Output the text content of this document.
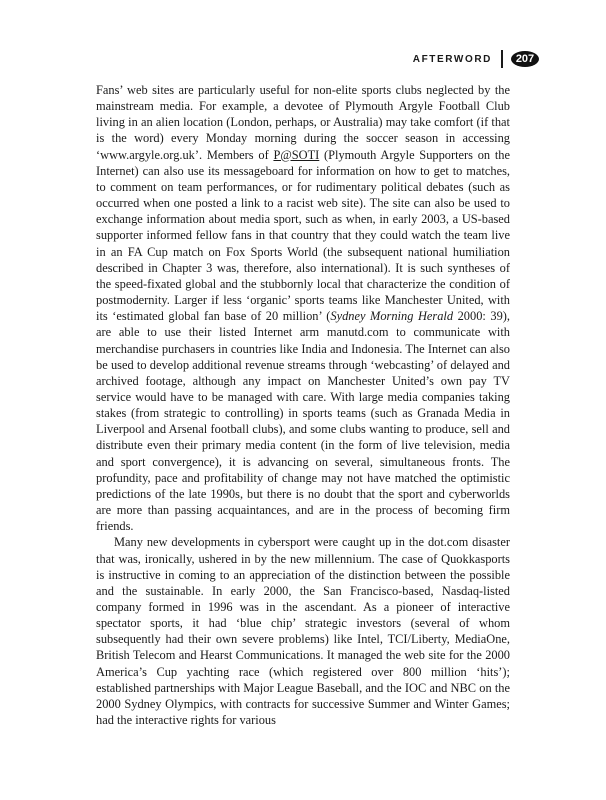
AFTERWORD	207

Fans’ web sites are particularly useful for non-elite sports clubs neglected by the mainstream media. For example, a devotee of Plymouth Argyle Football Club living in an alien location (London, perhaps, or Australia) may take comfort (if that is the word) every Monday morning during the soccer season in accessing ‘www.argyle.org.uk’. Members of P@SOTI (Plymouth Argyle Supporters on the Internet) can also use its messageboard for information on how to get to matches, to comment on team performances, or for rudimentary political debates (such as occurred when one posted a link to a racist web site). The site can also be used to exchange information about media sport, such as when, in early 2003, a US-based supporter informed fellow fans in that country that they could watch the team live in an FA Cup match on Fox Sports World (the subsequent national humiliation described in Chapter 3 was, therefore, also international). It is such syntheses of the speed-fixated global and the stubbornly local that characterize the condition of postmodernity. Larger if less ‘organic’ sports teams like Manchester United, with its ‘estimated global fan base of 20 million’ (Sydney Morning Herald 2000: 39), are able to use their listed Internet arm manutd.com to communicate with merchandise purchasers in countries like India and Indonesia. The Internet can also be used to develop additional revenue streams through ‘webcasting’ of delayed and archived footage, although any impact on Manchester United’s own pay TV service would have to be managed with care. With large media companies taking stakes (from strategic to controlling) in sports teams (such as Granada Media in Liverpool and Arsenal football clubs), and some clubs wanting to produce, sell and distribute even their primary media content (in the form of live television, media and sport convergence), it is advancing on several, simultaneous fronts. The profundity, pace and profitability of change may not have matched the optimistic predictions of the late 1990s, but there is no doubt that the sport and cyberworlds are more than passing acquaintances, and are in the process of becoming firm friends.

Many new developments in cybersport were caught up in the dot.com disaster that was, ironically, ushered in by the new millennium. The case of Quokkasports is instructive in coming to an appreciation of the distinction between the possible and the sustainable. In early 2000, the San Francisco-based, Nasdaq-listed company formed in 1996 was in the ascendant. As a pioneer of interactive spectator sports, it had ‘blue chip’ strategic investors (several of whom subsequently had their own severe problems) like Intel, TCI/Liberty, MediaOne, British Telecom and Hearst Communications. It managed the web site for the 2000 America’s Cup yachting race (which registered over 800 million ‘hits’); established partnerships with Major League Baseball, and the IOC and NBC on the 2000 Sydney Olympics, with contracts for successive Summer and Winter Games; had the interactive rights for various
